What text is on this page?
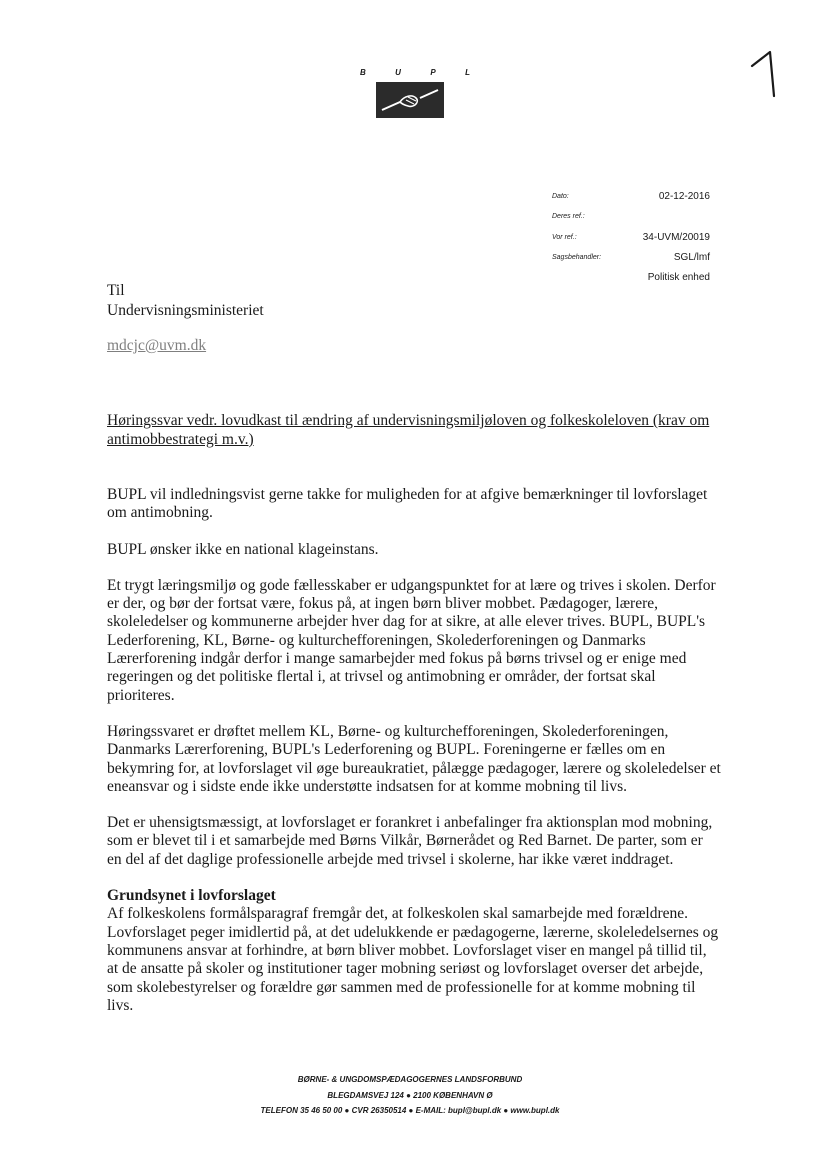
B	U	P	L
Dato:	02-12-2016
Deres ref.:
Vor ref.:	34-UVM/20019
Sagsbehandler:	SGL/lmf
Politisk enhed
Til
Undervisningsministeriet
mdcjc@uvm.dk
Høringssvar vedr. lovudkast til ændring af undervisningsmiljøloven og folkeskoleloven (krav om antimobbestrategi m.v.)

BUPL vil indledningsvist gerne takke for muligheden for at afgive bemærkninger til lovforslaget om antimobning.

BUPL ønsker ikke en national klageinstans.

Et trygt læringsmiljø og gode fællesskaber er udgangspunktet for at lære og trives i skolen. Derfor er der, og bør der fortsat være, fokus på, at ingen børn bliver mobbet. Pædagoger, lærere, skoleledelser og kommunerne arbejder hver dag for at sikre, at alle elever trives. BUPL, BUPL's Lederforening, KL, Børne- og kulturchefforeningen, Skolederforeningen og Danmarks Lærerforening indgår derfor i mange samarbejder med fokus på børns trivsel og er enige med regeringen og det politiske flertal i, at trivsel og antimobning er områder, der fortsat skal prioriteres.

Høringssvaret er drøftet mellem KL, Børne- og kulturchefforeningen, Skolederforeningen, Danmarks Lærerforening, BUPL's Lederforening og BUPL. Foreningerne er fælles om en bekymring for, at lovforslaget vil øge bureaukratiet, pålægge pædagoger, lærere og skoleledelser et eneansvar og i sidste ende ikke understøtte indsatsen for at komme mobning til livs.

Det er uhensigtsmæssigt, at lovforslaget er forankret i anbefalinger fra aktionsplan mod mobning, som er blevet til i et samarbejde med Børns Vilkår, Børnerådet og Red Barnet. De parter, som er en del af det daglige professionelle arbejde med trivsel i skolerne, har ikke været inddraget.

Grundsynet i lovforslaget

Af folkeskolens formålsparagraf fremgår det, at folkeskolen skal samarbejde med forældrene. Lovforslaget peger imidlertid på, at det udelukkende er pædagogerne, lærerne, skoleledelsernes og kommunens ansvar at forhindre, at børn bliver mobbet. Lovforslaget viser en mangel på tillid til, at de ansatte på skoler og institutioner tager mobning seriøst og lovforslaget overser det arbejde, som skolebestyrelser og forældre gør sammen med de professionelle for at komme mobning til livs.

BØRNE- & UNGDOMSPÆDAGOGERNES LANDSFORBUND
BLEGDAMSVEJ 124 ● 2100 KØBENHAVN Ø
TELEFON 35 46 50 00 ● CVR 26350514 ● E-MAIL: bupl@bupl.dk ● www.bupl.dk
